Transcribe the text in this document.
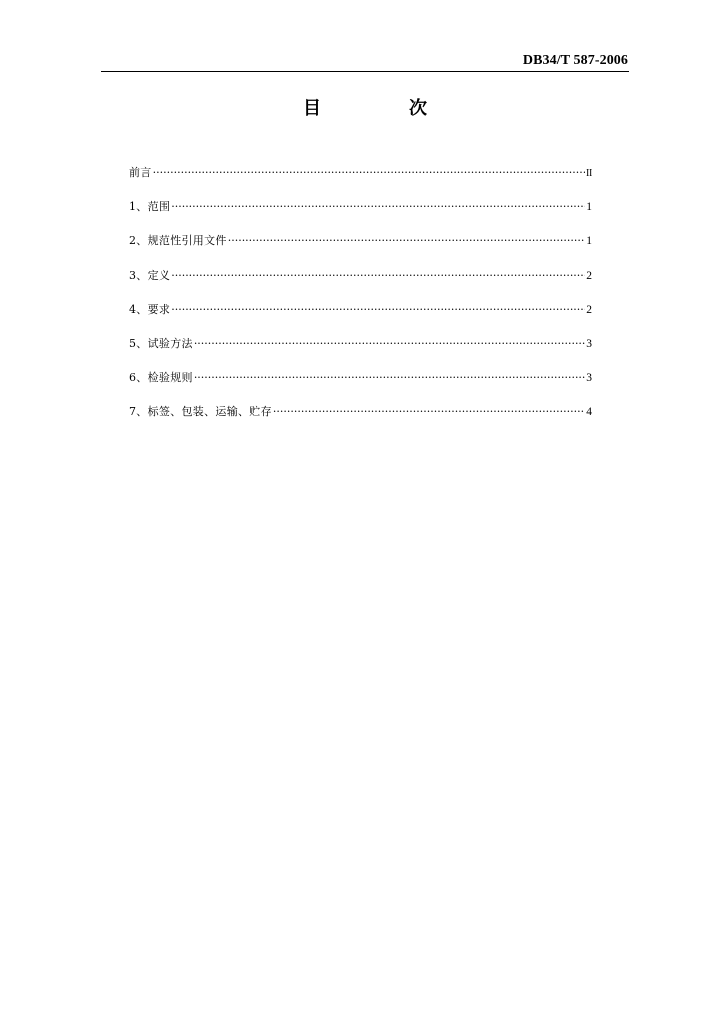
DB34/T 587-2006
目	次
前言 ·····	II
1、范围 ·····	1
2、规范性引用文件 ·····	1
3、定义 ·····	2
4、要求 ·····	2
5、试验方法 ·····	3
6、检验规则 ·····	3
7、标签、包装、运输、贮存 ·····	4
